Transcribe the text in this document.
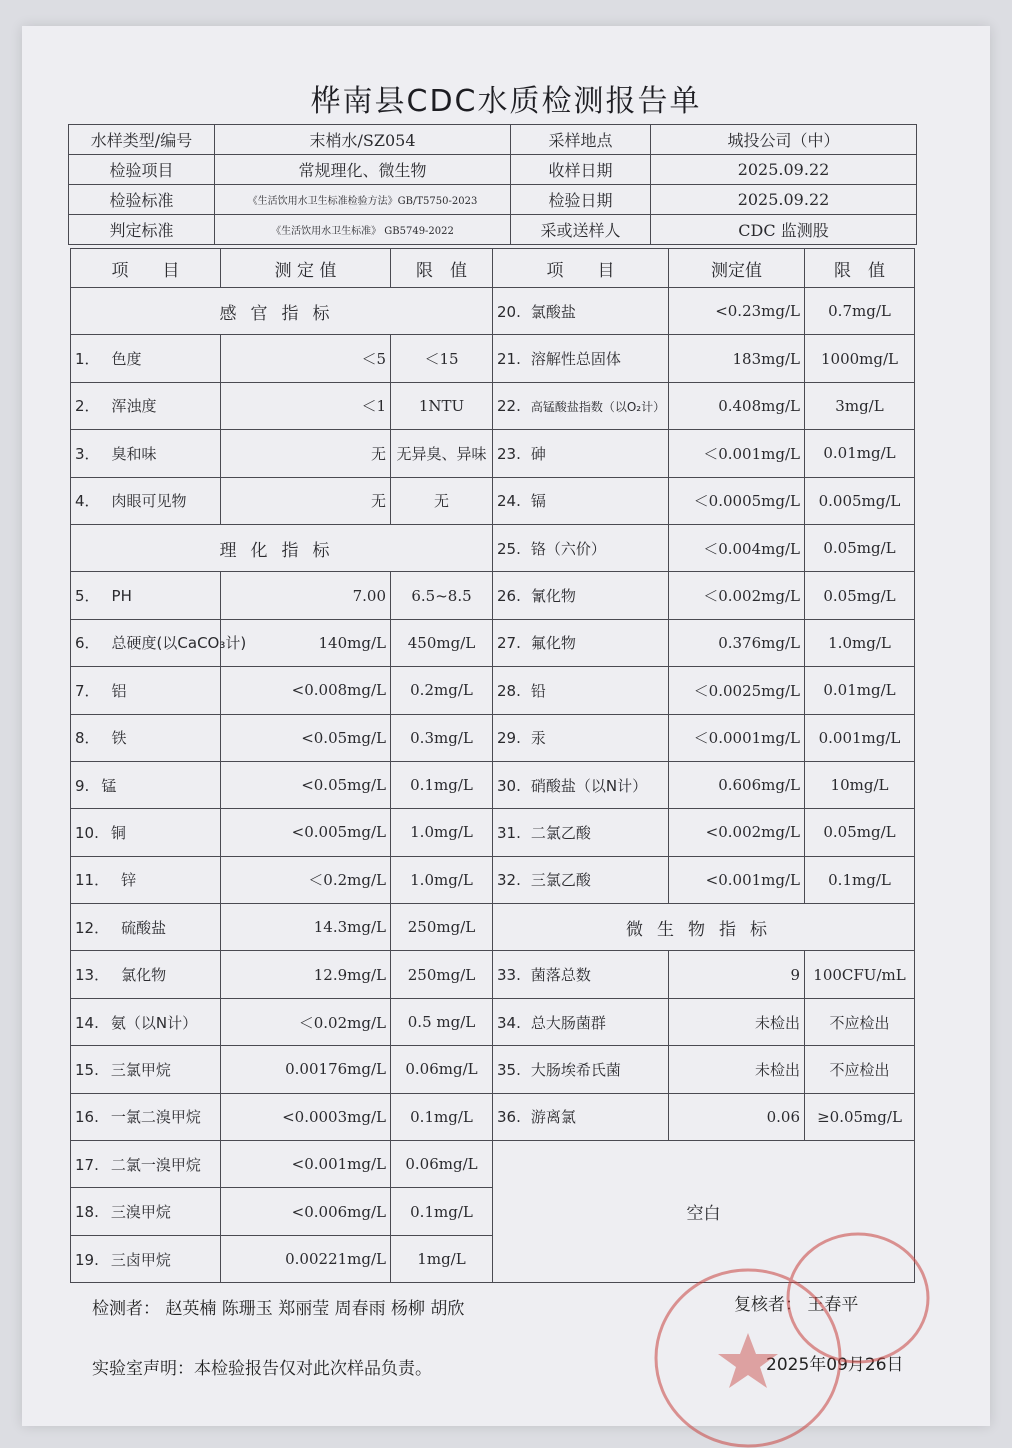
桦南县CDC水质检测报告单
水样类型/编号	末梢水/SZ054	采样地点	城投公司（中）
检验项目	常规理化、微生物	收样日期	2025.09.22
检验标准	《生活饮用水卫生标准检验方法》GB/T5750-2023	检验日期	2025.09.22
判定标准	《生活饮用水卫生标准》 GB5749-2022	采或送样人	CDC 监测股
项　　目	测 定 值	限　值	项　　目	测定值	限　值
感官指标			20. 氯酸盐	<0.23mg/L	0.7mg/L
1． 色度	＜5	＜15	21. 溶解性总固体	183mg/L	1000mg/L
2． 浑浊度	＜1	1NTU	22. 高锰酸盐指数（以O₂计）	0.408mg/L	3mg/L
3． 臭和味	无	无异臭、异味	23. 砷	＜0.001mg/L	0.01mg/L
4． 肉眼可见物	无	无	24. 镉	＜0.0005mg/L	0.005mg/L
理化指标			25. 铬（六价）	＜0.004mg/L	0.05mg/L
5． PH	7.00	6.5~8.5	26. 氰化物	＜0.002mg/L	0.05mg/L
6． 总硬度(以CaCO₃计)	140mg/L	450mg/L	27. 氟化物	0.376mg/L	1.0mg/L
7． 铝	<0.008mg/L	0.2mg/L	28. 铅	＜0.0025mg/L	0.01mg/L
8． 铁	<0.05mg/L	0.3mg/L	29. 汞	＜0.0001mg/L	0.001mg/L
9. 锰	<0.05mg/L	0.1mg/L	30. 硝酸盐（以N计）	0.606mg/L	10mg/L
10. 铜	<0.005mg/L	1.0mg/L	31. 二氯乙酸	<0.002mg/L	0.05mg/L
11． 锌	＜0.2mg/L	1.0mg/L	32. 三氯乙酸	<0.001mg/L	0.1mg/L
12． 硫酸盐	14.3mg/L	250mg/L	微生物指标		
13． 氯化物	12.9mg/L	250mg/L	33. 菌落总数	9	100CFU/mL
14. 氨（以N计）	＜0.02mg/L	0.5 mg/L	34. 总大肠菌群	未检出	不应检出
15. 三氯甲烷	0.00176mg/L	0.06mg/L	35. 大肠埃希氏菌	未检出	不应检出
16. 一氯二溴甲烷	<0.0003mg/L	0.1mg/L	36. 游离氯	0.06	≥0.05mg/L
17. 二氯一溴甲烷	<0.001mg/L	0.06mg/L	空白		
18. 三溴甲烷	<0.006mg/L	0.1mg/L			
19. 三卤甲烷	0.00221mg/L	1mg/L			
检测者： 赵英楠 陈珊玉 郑丽莹 周春雨 杨柳 胡欣	复核者： 王春平
实验室声明：本检验报告仅对此次样品负责。	2025年09月26日
